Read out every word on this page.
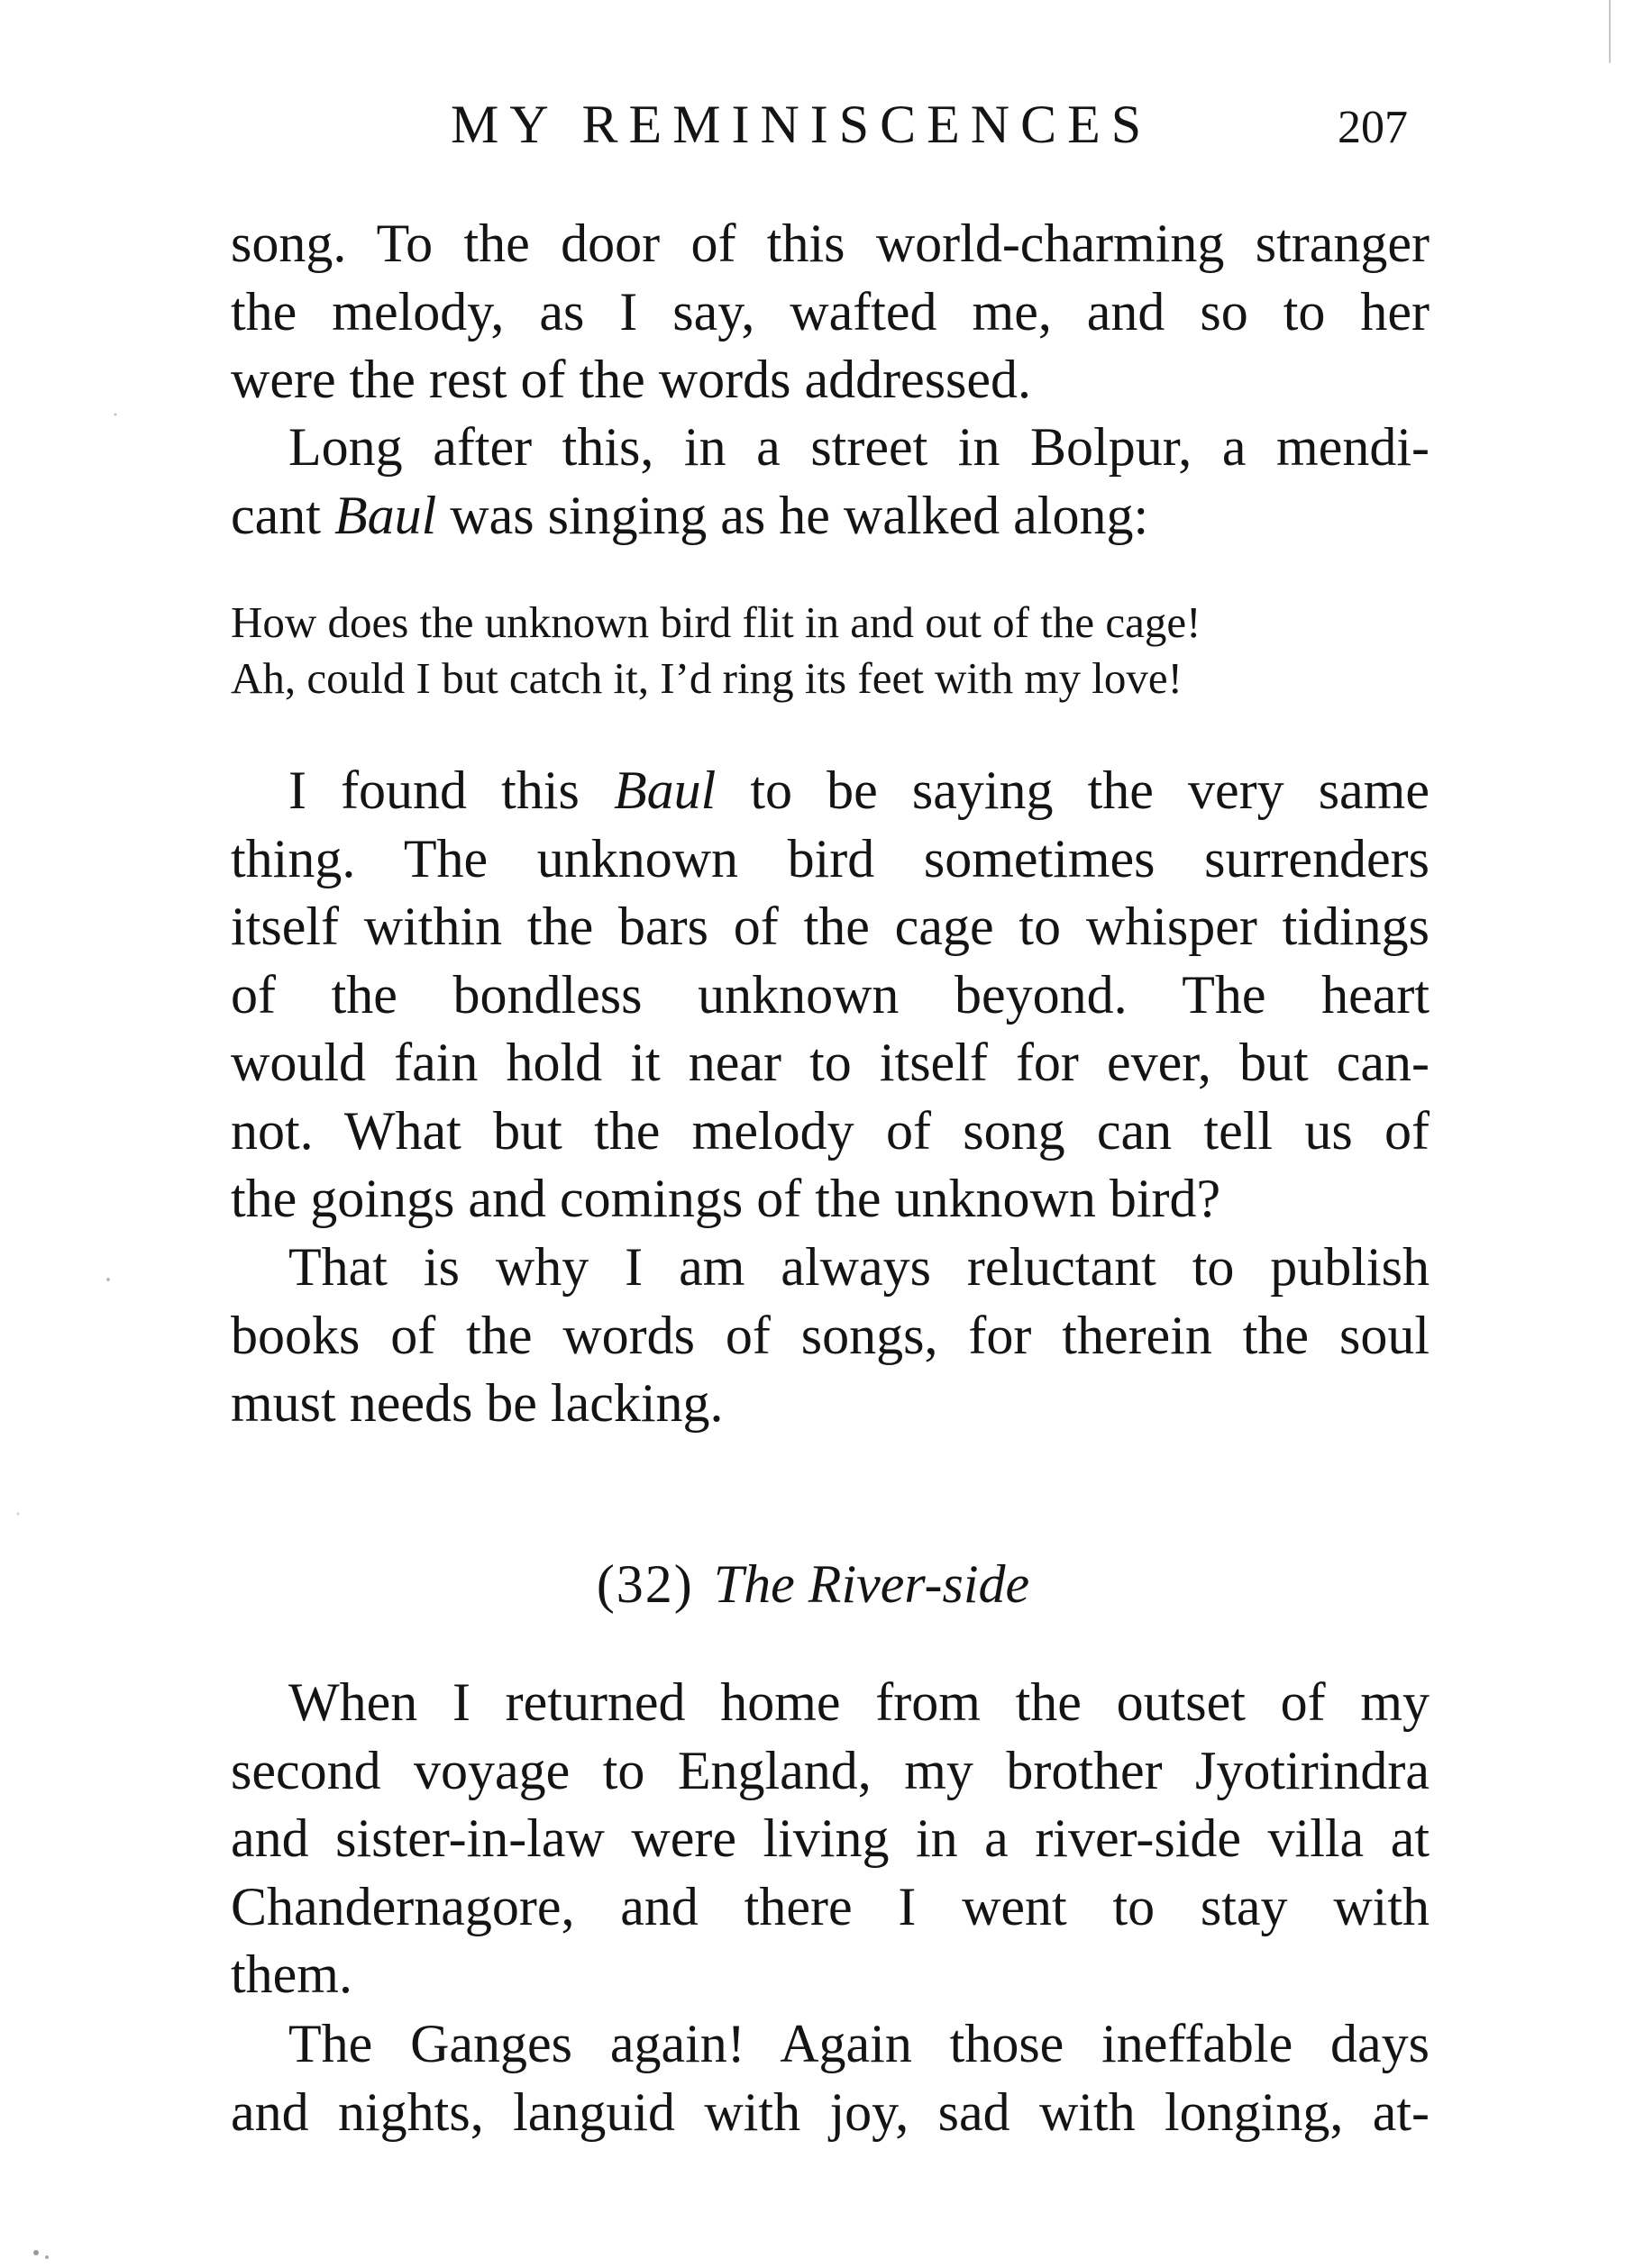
MY REMINISCENCES	207
song. To the door of this world-charming stranger
the melody, as I say, wafted me, and so to her
were the rest of the words addressed.
Long after this, in a street in Bolpur, a mendi-
cant Baul was singing as he walked along:
How does the unknown bird flit in and out of the cage!
Ah, could I but catch it, I’d ring its feet with my love!
I found this Baul to be saying the very same
thing. The unknown bird sometimes surrenders
itself within the bars of the cage to whisper tidings
of the bondless unknown beyond. The heart
would fain hold it near to itself for ever, but can-
not. What but the melody of song can tell us of
the goings and comings of the unknown bird?
That is why I am always reluctant to publish
books of the words of songs, for therein the soul
must needs be lacking.
(32) The River-side
When I returned home from the outset of my
second voyage to England, my brother Jyotirindra
and sister-in-law were living in a river-side villa at
Chandernagore, and there I went to stay with
them.
The Ganges again! Again those ineffable days
and nights, languid with joy, sad with longing, at-
